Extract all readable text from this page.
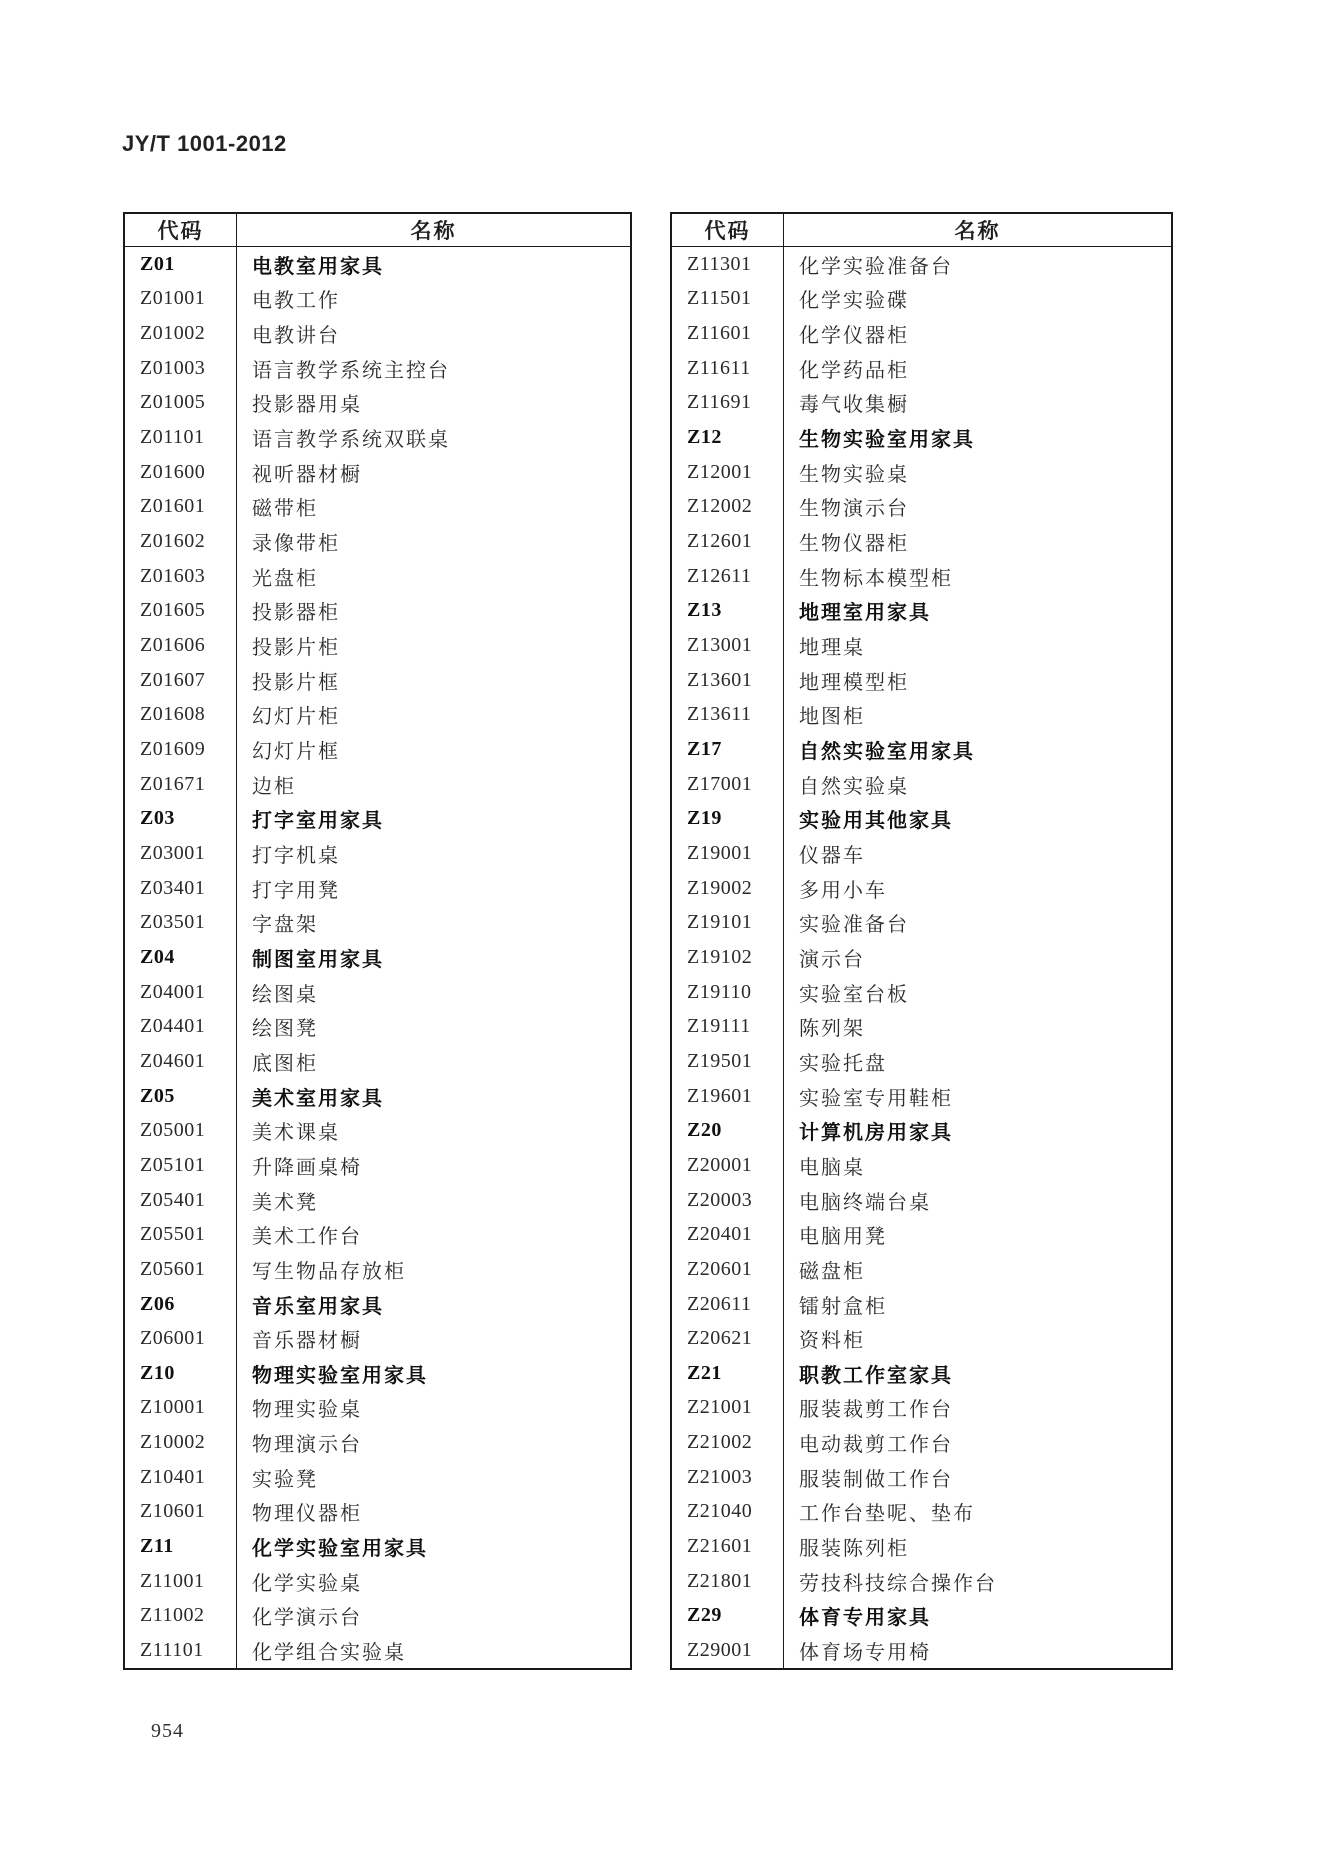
JY/T 1001-2012
代码	名称
Z01	电教室用家具
Z01001	电教工作
Z01002	电教讲台
Z01003	语言教学系统主控台
Z01005	投影器用桌
Z01101	语言教学系统双联桌
Z01600	视听器材橱
Z01601	磁带柜
Z01602	录像带柜
Z01603	光盘柜
Z01605	投影器柜
Z01606	投影片柜
Z01607	投影片框
Z01608	幻灯片柜
Z01609	幻灯片框
Z01671	边柜
Z03	打字室用家具
Z03001	打字机桌
Z03401	打字用凳
Z03501	字盘架
Z04	制图室用家具
Z04001	绘图桌
Z04401	绘图凳
Z04601	底图柜
Z05	美术室用家具
Z05001	美术课桌
Z05101	升降画桌椅
Z05401	美术凳
Z05501	美术工作台
Z05601	写生物品存放柜
Z06	音乐室用家具
Z06001	音乐器材橱
Z10	物理实验室用家具
Z10001	物理实验桌
Z10002	物理演示台
Z10401	实验凳
Z10601	物理仪器柜
Z11	化学实验室用家具
Z11001	化学实验桌
Z11002	化学演示台
Z11101	化学组合实验桌
代码	名称
Z11301	化学实验准备台
Z11501	化学实验碟
Z11601	化学仪器柜
Z11611	化学药品柜
Z11691	毒气收集橱
Z12	生物实验室用家具
Z12001	生物实验桌
Z12002	生物演示台
Z12601	生物仪器柜
Z12611	生物标本模型柜
Z13	地理室用家具
Z13001	地理桌
Z13601	地理模型柜
Z13611	地图柜
Z17	自然实验室用家具
Z17001	自然实验桌
Z19	实验用其他家具
Z19001	仪器车
Z19002	多用小车
Z19101	实验准备台
Z19102	演示台
Z19110	实验室台板
Z19111	陈列架
Z19501	实验托盘
Z19601	实验室专用鞋柜
Z20	计算机房用家具
Z20001	电脑桌
Z20003	电脑终端台桌
Z20401	电脑用凳
Z20601	磁盘柜
Z20611	镭射盒柜
Z20621	资料柜
Z21	职教工作室家具
Z21001	服装裁剪工作台
Z21002	电动裁剪工作台
Z21003	服装制做工作台
Z21040	工作台垫呢、垫布
Z21601	服装陈列柜
Z21801	劳技科技综合操作台
Z29	体育专用家具
Z29001	体育场专用椅
954
